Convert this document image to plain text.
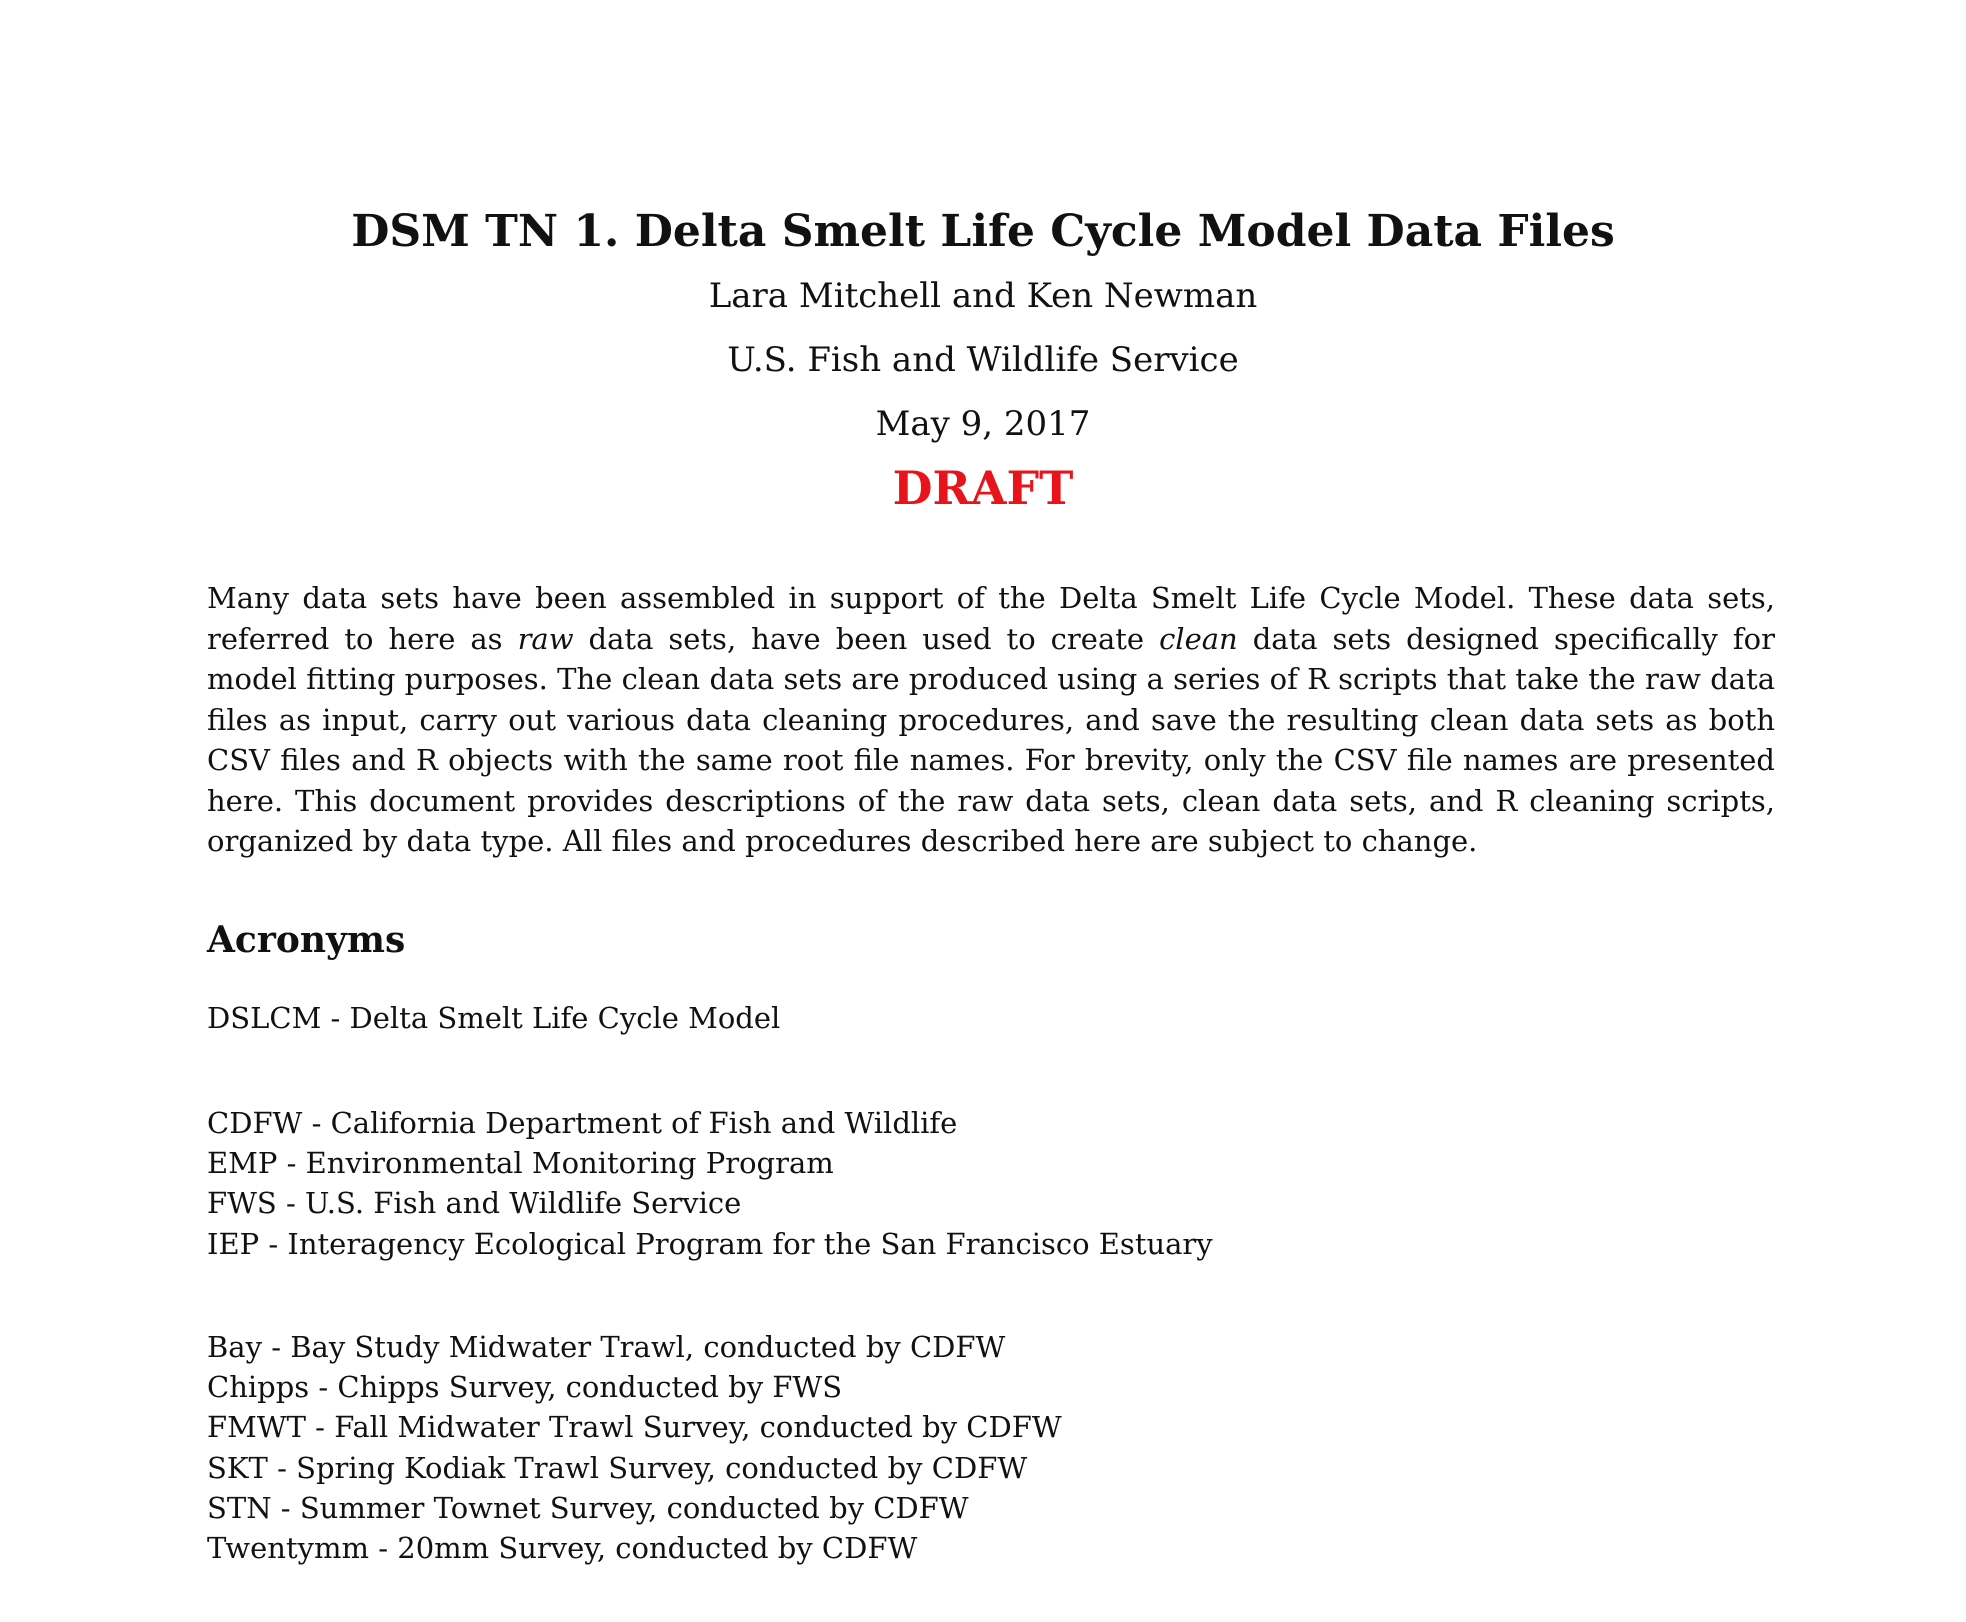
DSM TN 1. Delta Smelt Life Cycle Model Data Files

Lara Mitchell and Ken Newman

U.S. Fish and Wildlife Service

May 9, 2017

DRAFT

Many data sets have been assembled in support of the Delta Smelt Life Cycle Model. These data sets, referred to here as raw data sets, have been used to create clean data sets designed specifically for model fitting purposes. The clean data sets are produced using a series of R scripts that take the raw data files as input, carry out various data cleaning procedures, and save the resulting clean data sets as both CSV files and R objects with the same root file names. For brevity, only the CSV file names are presented here. This document provides descriptions of the raw data sets, clean data sets, and R cleaning scripts, organized by data type. All files and procedures described here are subject to change.

Acronyms

DSLCM - Delta Smelt Life Cycle Model

CDFW - California Department of Fish and Wildlife

EMP - Environmental Monitoring Program

FWS - U.S. Fish and Wildlife Service

IEP - Interagency Ecological Program for the San Francisco Estuary

Bay - Bay Study Midwater Trawl, conducted by CDFW

Chipps - Chipps Survey, conducted by FWS

FMWT - Fall Midwater Trawl Survey, conducted by CDFW

SKT - Spring Kodiak Trawl Survey, conducted by CDFW

STN - Summer Townet Survey, conducted by CDFW

Twentymm - 20mm Survey, conducted by CDFW
